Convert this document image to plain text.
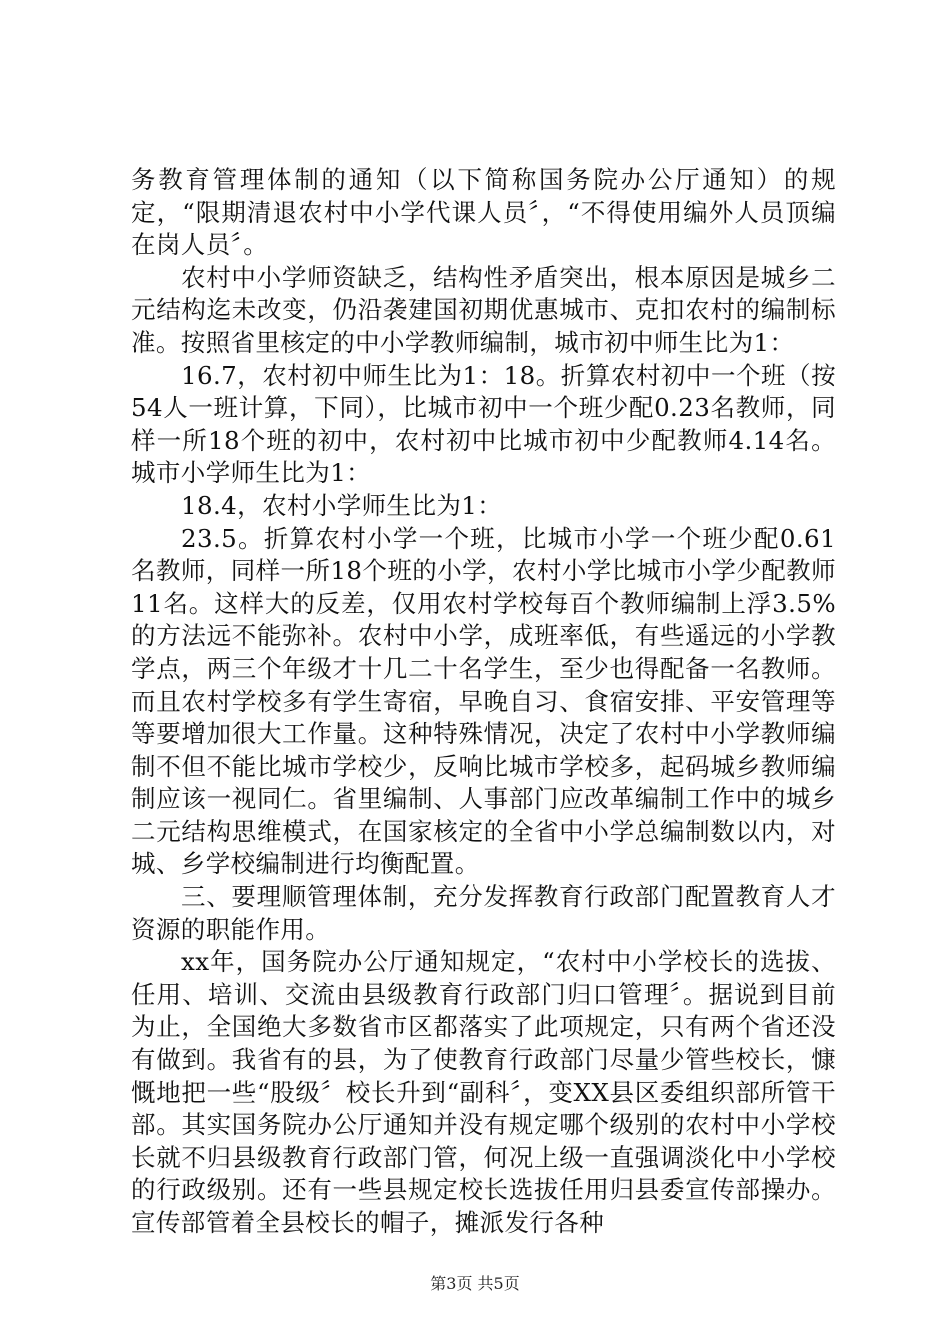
务教育管理体制的通知（以下简称国务院办公厅通知）的规定，“限期清退农村中小学代课人员〞，“不得使用编外人员顶编在岗人员〞。

农村中小学师资缺乏，结构性矛盾突出，根本原因是城乡二元结构迄未改变，仍沿袭建国初期优惠城市、克扣农村的编制标准。按照省里核定的中小学教师编制，城市初中师生比为1：

16.7，农村初中师生比为1：18。折算农村初中一个班（按54人一班计算，下同），比城市初中一个班少配0.23名教师，同样一所18个班的初中，农村初中比城市初中少配教师4.14名。城市小学师生比为1：

18.4，农村小学师生比为1：

23.5。折算农村小学一个班，比城市小学一个班少配0.61名教师，同样一所18个班的小学，农村小学比城市小学少配教师11名。这样大的反差，仅用农村学校每百个教师编制上浮3.5%的方法远不能弥补。农村中小学，成班率低，有些遥远的小学教学点，两三个年级才十几二十名学生，至少也得配备一名教师。而且农村学校多有学生寄宿，早晚自习、食宿安排、平安管理等等要增加很大工作量。这种特殊情况，决定了农村中小学教师编制不但不能比城市学校少，反响比城市学校多，起码城乡教师编制应该一视同仁。省里编制、人事部门应改革编制工作中的城乡二元结构思维模式，在国家核定的全省中小学总编制数以内，对城、乡学校编制进行均衡配置。

三、要理顺管理体制，充分发挥教育行政部门配置教育人才资源的职能作用。

xx年，国务院办公厅通知规定，“农村中小学校长的选拔、任用、培训、交流由县级教育行政部门归口管理〞。据说到目前为止，全国绝大多数省市区都落实了此项规定，只有两个省还没有做到。我省有的县，为了使教育行政部门尽量少管些校长，慷慨地把一些“股级〞校长升到“副科〞，变XX县区委组织部所管干部。其实国务院办公厅通知并没有规定哪个级别的农村中小学校长就不归县级教育行政部门管，何况上级一直强调淡化中小学校的行政级别。还有一些县规定校长选拔任用归县委宣传部操办。宣传部管着全县校长的帽子，摊派发行各种

第3页 共5页
